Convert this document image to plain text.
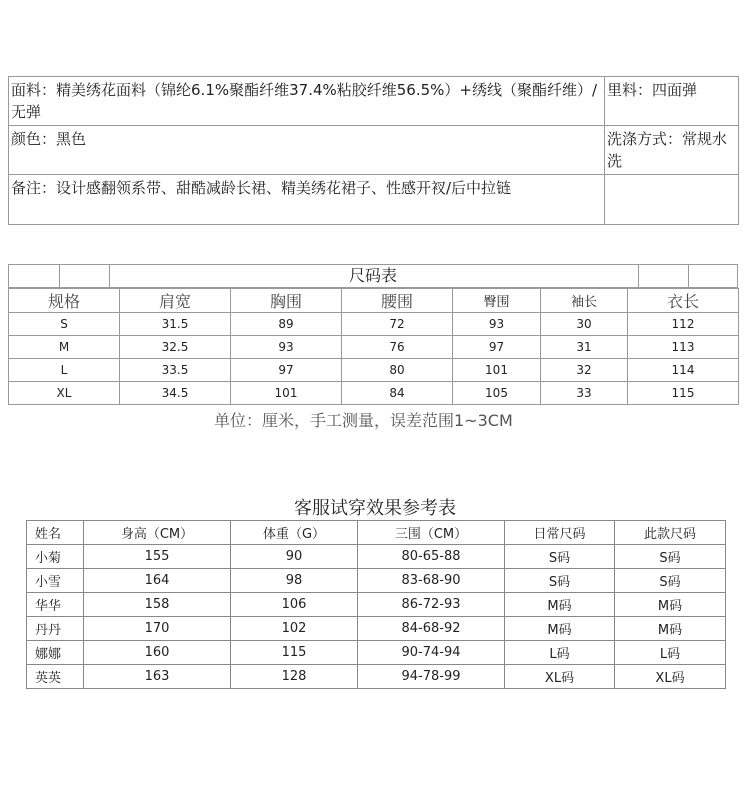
面料：精美绣花面料（锦纶6.1%聚酯纤维37.4%粘胶纤维56.5%）+绣线（聚酯纤维）/无弹	里料：四面弹
颜色：黑色	洗涤方式：常规水洗
备注：设计感翻领系带、甜酷减龄长裙、精美绣花裙子、性感开衩/后中拉链	
尺码表
规格	肩宽	胸围	腰围	臀围	袖长	衣长
S	31.5	89	72	93	30	112
M	32.5	93	76	97	31	113
L	33.5	97	80	101	32	114
XL	34.5	101	84	105	33	115
单位：厘米，手工测量，误差范围1~3CM
客服试穿效果参考表
姓名	身高（CM）	体重（G）	三围（CM）	日常尺码	此款尺码
小菊	155	90	80-65-88	S码	S码
小雪	164	98	83-68-90	S码	S码
华华	158	106	86-72-93	M码	M码
丹丹	170	102	84-68-92	M码	M码
娜娜	160	115	90-74-94	L码	L码
英英	163	128	94-78-99	XL码	XL码
